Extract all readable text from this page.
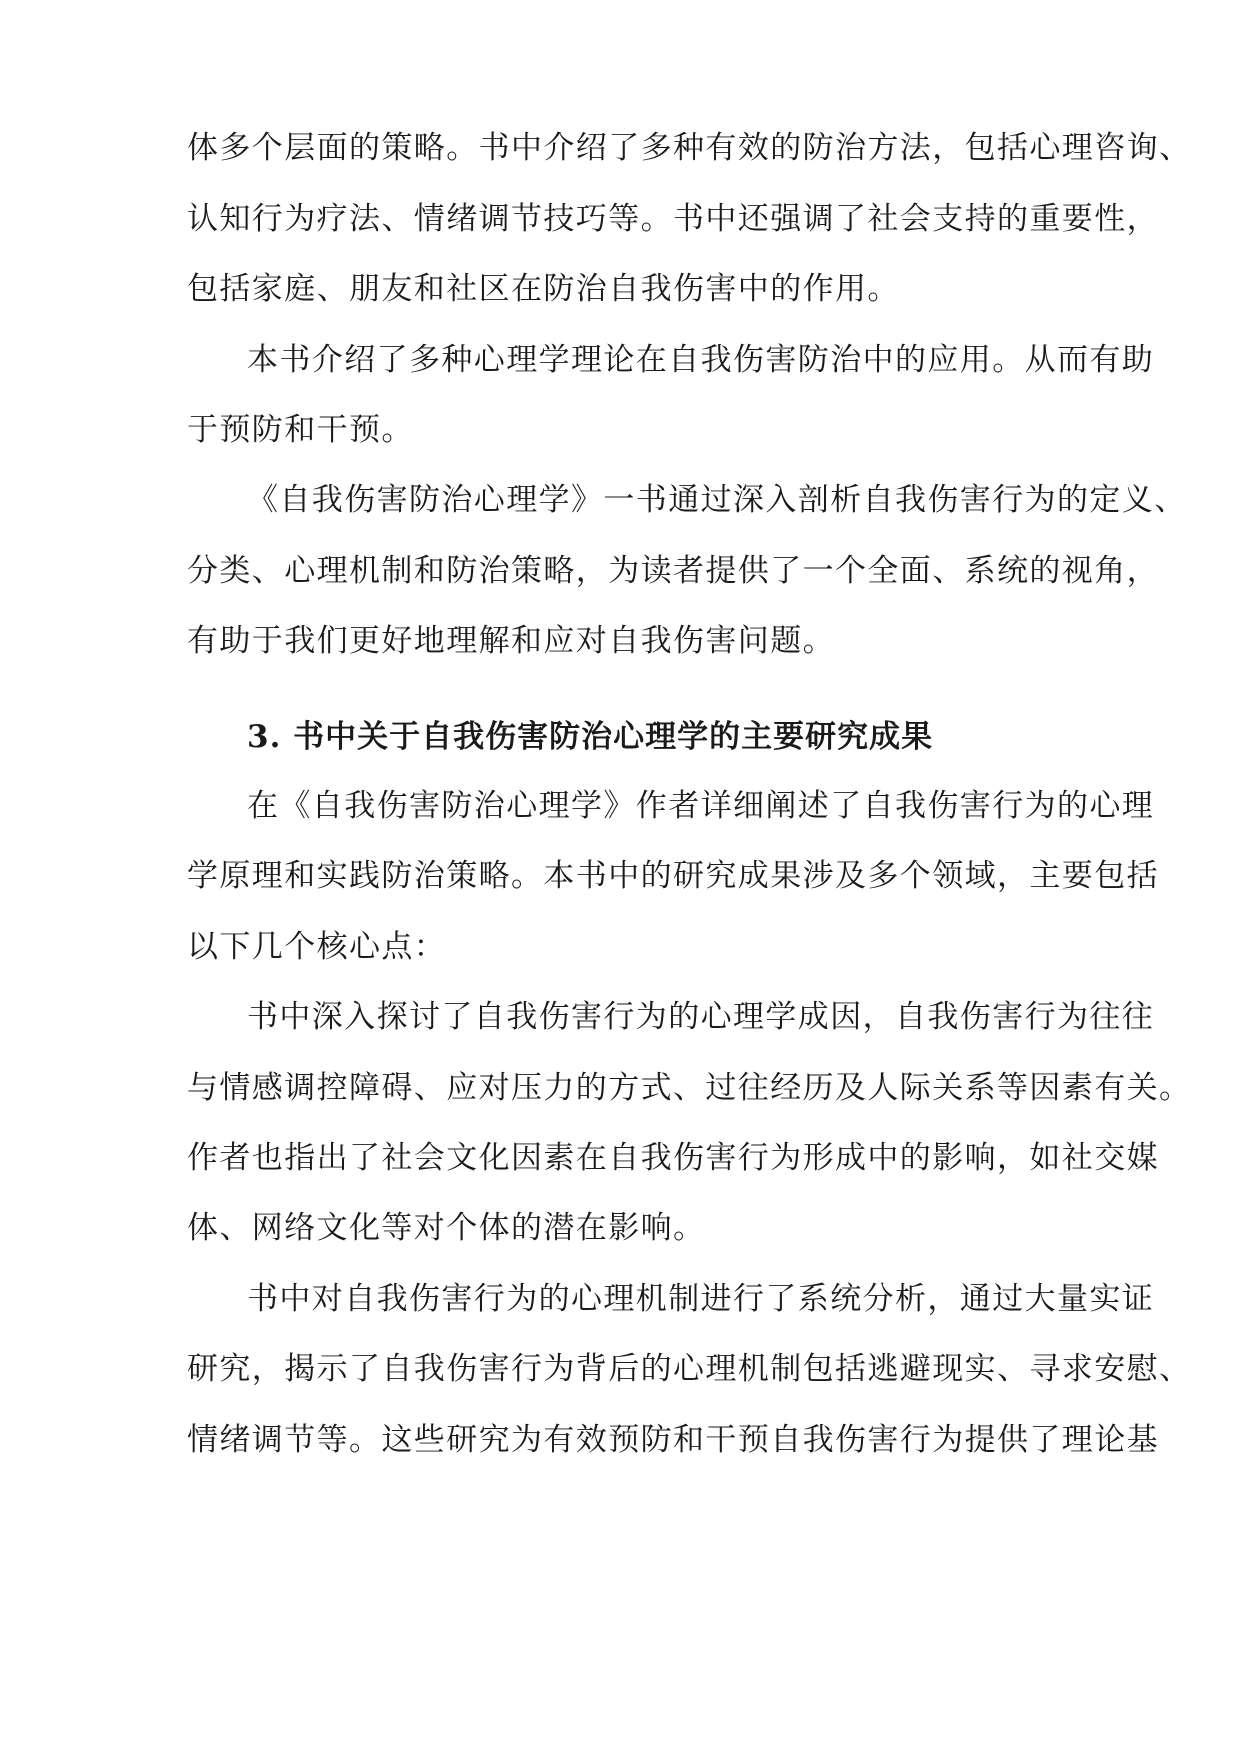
体多个层面的策略。书中介绍了多种有效的防治方法，包括心理咨询、
认知行为疗法、情绪调节技巧等。书中还强调了社会支持的重要性，
包括家庭、朋友和社区在防治自我伤害中的作用。
本书介绍了多种心理学理论在自我伤害防治中的应用。从而有助
于预防和干预。
《自我伤害防治心理学》一书通过深入剖析自我伤害行为的定义、
分类、心理机制和防治策略，为读者提供了一个全面、系统的视角，
有助于我们更好地理解和应对自我伤害问题。
3. 书中关于自我伤害防治心理学的主要研究成果
在《自我伤害防治心理学》作者详细阐述了自我伤害行为的心理
学原理和实践防治策略。本书中的研究成果涉及多个领域，主要包括
以下几个核心点：
书中深入探讨了自我伤害行为的心理学成因，自我伤害行为往往
与情感调控障碍、应对压力的方式、过往经历及人际关系等因素有关。
作者也指出了社会文化因素在自我伤害行为形成中的影响，如社交媒
体、网络文化等对个体的潜在影响。
书中对自我伤害行为的心理机制进行了系统分析，通过大量实证
研究，揭示了自我伤害行为背后的心理机制包括逃避现实、寻求安慰、
情绪调节等。这些研究为有效预防和干预自我伤害行为提供了理论基
